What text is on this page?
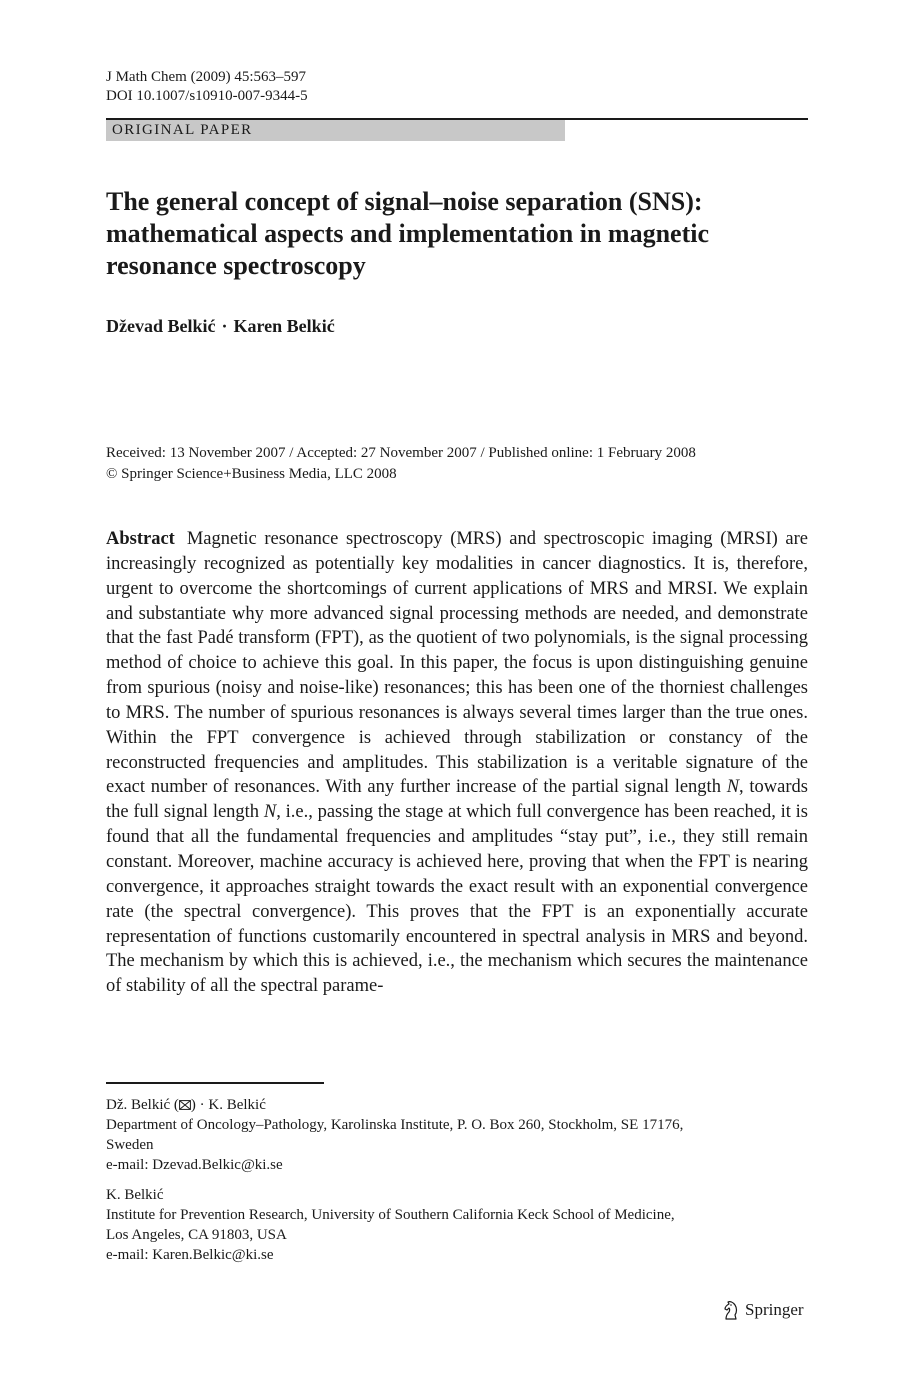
J Math Chem (2009) 45:563–597
DOI 10.1007/s10910-007-9344-5
ORIGINAL PAPER
The general concept of signal–noise separation (SNS): mathematical aspects and implementation in magnetic resonance spectroscopy
Dževad Belkić · Karen Belkić
Received: 13 November 2007 / Accepted: 27 November 2007 / Published online: 1 February 2008
© Springer Science+Business Media, LLC 2008

Abstract Magnetic resonance spectroscopy (MRS) and spectroscopic imaging (MRSI) are increasingly recognized as potentially key modalities in cancer diagnostics. It is, therefore, urgent to overcome the shortcomings of current applications of MRS and MRSI. We explain and substantiate why more advanced signal processing methods are needed, and demonstrate that the fast Padé transform (FPT), as the quotient of two polynomials, is the signal processing method of choice to achieve this goal. In this paper, the focus is upon distinguishing genuine from spurious (noisy and noise-like) resonances; this has been one of the thorniest challenges to MRS. The number of spurious resonances is always several times larger than the true ones. Within the FPT convergence is achieved through stabilization or constancy of the reconstructed frequencies and amplitudes. This stabilization is a veritable signature of the exact number of resonances. With any further increase of the partial signal length N, towards the full signal length N, i.e., passing the stage at which full convergence has been reached, it is found that all the fundamental frequencies and amplitudes “stay put”, i.e., they still remain constant. Moreover, machine accuracy is achieved here, proving that when the FPT is nearing convergence, it approaches straight towards the exact result with an exponential convergence rate (the spectral convergence). This proves that the FPT is an exponentially accurate representation of functions customarily encountered in spectral analysis in MRS and beyond. The mechanism by which this is achieved, i.e., the mechanism which secures the maintenance of stability of all the spectral parame-

Dž. Belkić ( ) · K. Belkić
Department of Oncology–Pathology, Karolinska Institute, P. O. Box 260, Stockholm, SE 17176,
Sweden
e-mail: Dzevad.Belkic@ki.se
K. Belkić
Institute for Prevention Research, University of Southern California Keck School of Medicine,
Los Angeles, CA 91803, USA
e-mail: Karen.Belkic@ki.se
Springer
